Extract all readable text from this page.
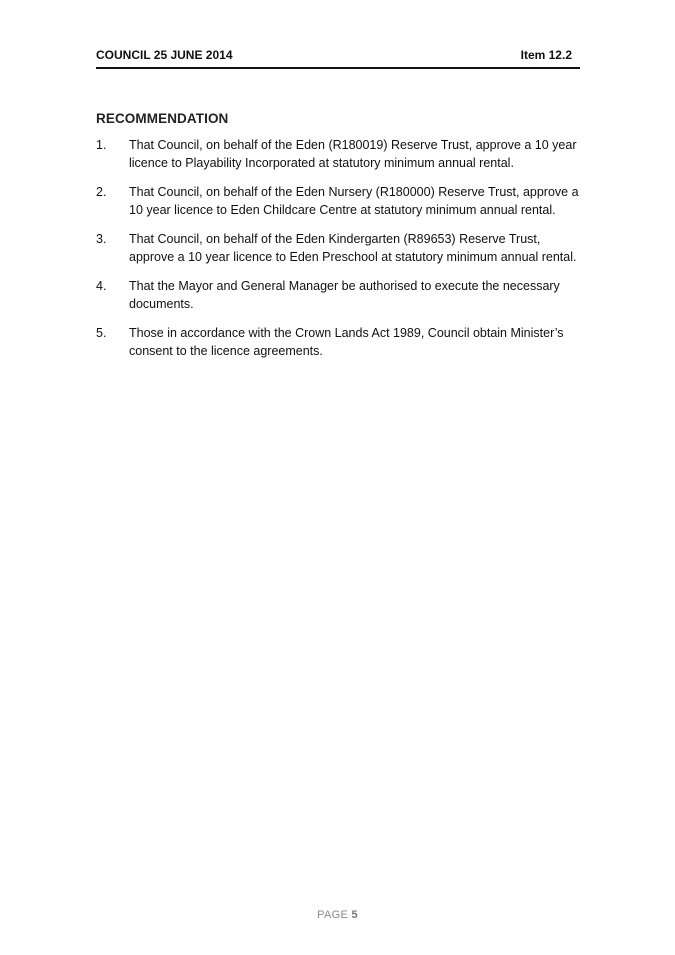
COUNCIL 25 JUNE 2014	Item 12.2
RECOMMENDATION
1. That Council, on behalf of the Eden (R180019) Reserve Trust, approve a 10 year licence to Playability Incorporated at statutory minimum annual rental.
2. That Council, on behalf of the Eden Nursery (R180000) Reserve Trust, approve a 10 year licence to Eden Childcare Centre at statutory minimum annual rental.
3. That Council, on behalf of the Eden Kindergarten (R89653) Reserve Trust, approve a 10 year licence to Eden Preschool at statutory minimum annual rental.
4. That the Mayor and General Manager be authorised to execute the necessary documents.
5. Those in accordance with the Crown Lands Act 1989, Council obtain Minister’s consent to the licence agreements.
PAGE 5
